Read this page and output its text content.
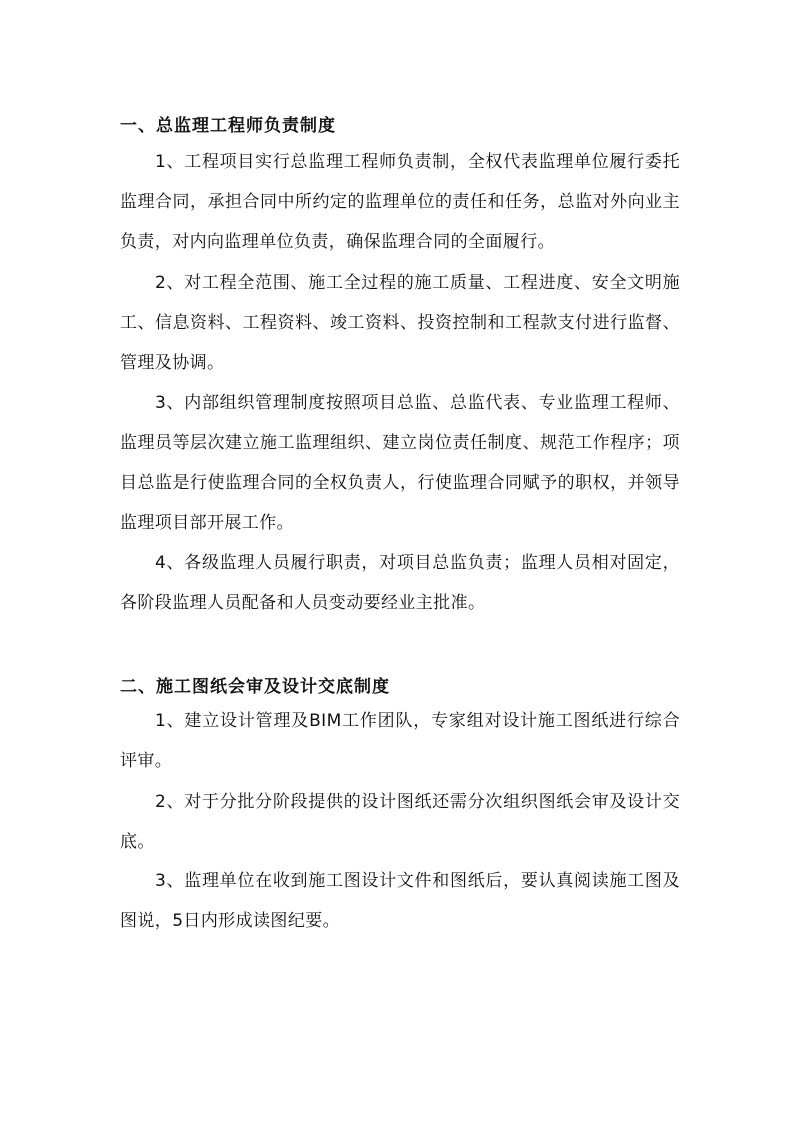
一、总监理工程师负责制度
1、工程项目实行总监理工程师负责制，全权代表监理单位履行委托监理合同，承担合同中所约定的监理单位的责任和任务，总监对外向业主负责，对内向监理单位负责，确保监理合同的全面履行。
2、对工程全范围、施工全过程的施工质量、工程进度、安全文明施工、信息资料、工程资料、竣工资料、投资控制和工程款支付进行监督、管理及协调。
3、内部组织管理制度按照项目总监、总监代表、专业监理工程师、监理员等层次建立施工监理组织、建立岗位责任制度、规范工作程序；项目总监是行使监理合同的全权负责人，行使监理合同赋予的职权，并领导监理项目部开展工作。
4、各级监理人员履行职责，对项目总监负责；监理人员相对固定，各阶段监理人员配备和人员变动要经业主批准。
二、施工图纸会审及设计交底制度
1、建立设计管理及BIM工作团队，专家组对设计施工图纸进行综合评审。
2、对于分批分阶段提供的设计图纸还需分次组织图纸会审及设计交底。
3、监理单位在收到施工图设计文件和图纸后，要认真阅读施工图及图说，5日内形成读图纪要。
